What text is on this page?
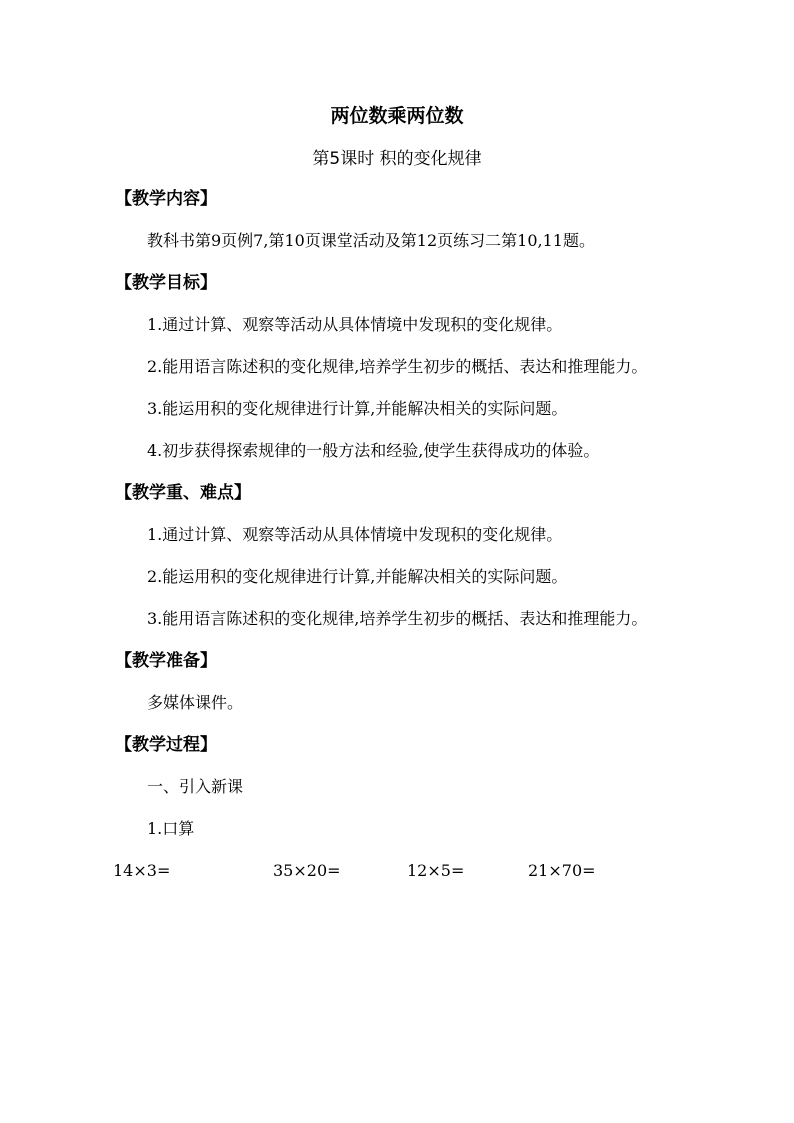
两位数乘两位数
第5课时 积的变化规律
【教学内容】
教科书第9页例7,第10页课堂活动及第12页练习二第10,11题。
【教学目标】
1.通过计算、观察等活动从具体情境中发现积的变化规律。
2.能用语言陈述积的变化规律,培养学生初步的概括、表达和推理能力。
3.能运用积的变化规律进行计算,并能解决相关的实际问题。
4.初步获得探索规律的一般方法和经验,使学生获得成功的体验。
【教学重、难点】
1.通过计算、观察等活动从具体情境中发现积的变化规律。
2.能运用积的变化规律进行计算,并能解决相关的实际问题。
3.能用语言陈述积的变化规律,培养学生初步的概括、表达和推理能力。
【教学准备】
多媒体课件。
【教学过程】
一、引入新课
1.口算
14×3=	35×20=	12×5=	21×70=
